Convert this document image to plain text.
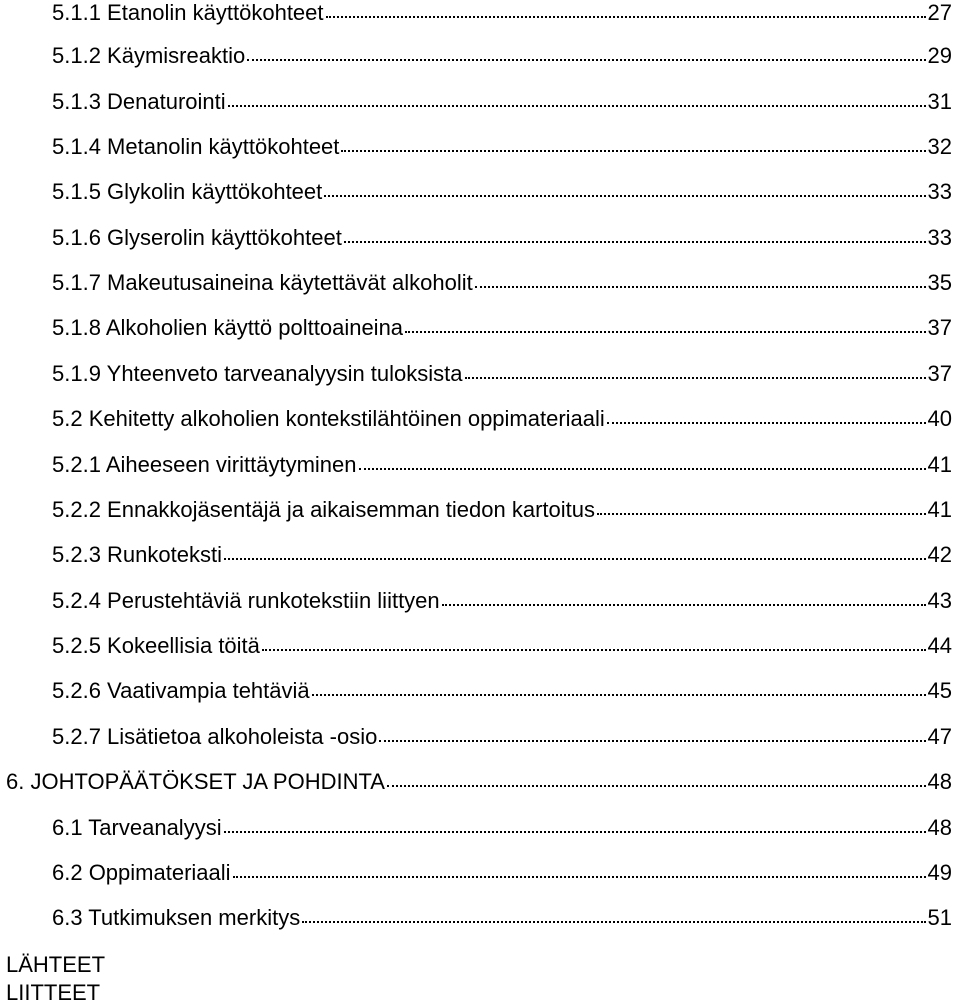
5.1.1 Etanolin käyttökohteet	27
5.1.2 Käymisreaktio	29
5.1.3 Denaturointi	31
5.1.4 Metanolin käyttökohteet	32
5.1.5 Glykolin käyttökohteet	33
5.1.6 Glyserolin käyttökohteet	33
5.1.7 Makeutusaineina käytettävät alkoholit	35
5.1.8 Alkoholien käyttö polttoaineina	37
5.1.9 Yhteenveto tarveanalyysin tuloksista	37
5.2 Kehitetty alkoholien kontekstilähtöinen oppimateriaali	40
5.2.1 Aiheeseen virittäytyminen	41
5.2.2 Ennakkojäsentäjä ja aikaisemman tiedon kartoitus	41
5.2.3 Runkoteksti	42
5.2.4 Perustehtäviä runkotekstiin liittyen	43
5.2.5 Kokeellisia töitä	44
5.2.6 Vaativampia tehtäviä	45
5.2.7 Lisätietoa alkoholeista -osio	47
6. JOHTOPÄÄTÖKSET JA POHDINTA	48
6.1 Tarveanalyysi	48
6.2 Oppimateriaali	49
6.3 Tutkimuksen merkitys	51
LÄHTEET
LIITTEET
